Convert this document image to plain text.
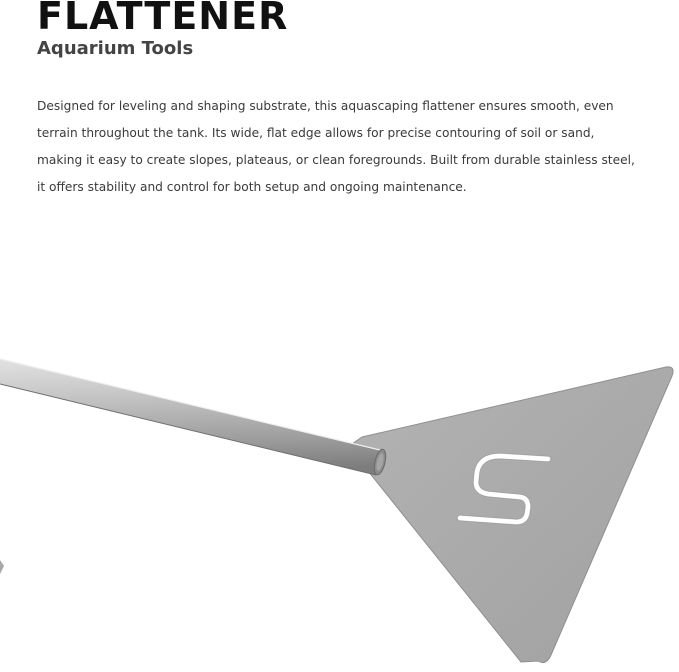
FLATTENER
Aquarium Tools

Designed for leveling and shaping substrate, this aquascaping flattener ensures smooth, even terrain throughout the tank. Its wide, flat edge allows for precise contouring of soil or sand, making it easy to create slopes, plateaus, or clean foregrounds. Built from durable stainless steel, it offers stability and control for both setup and ongoing maintenance.
